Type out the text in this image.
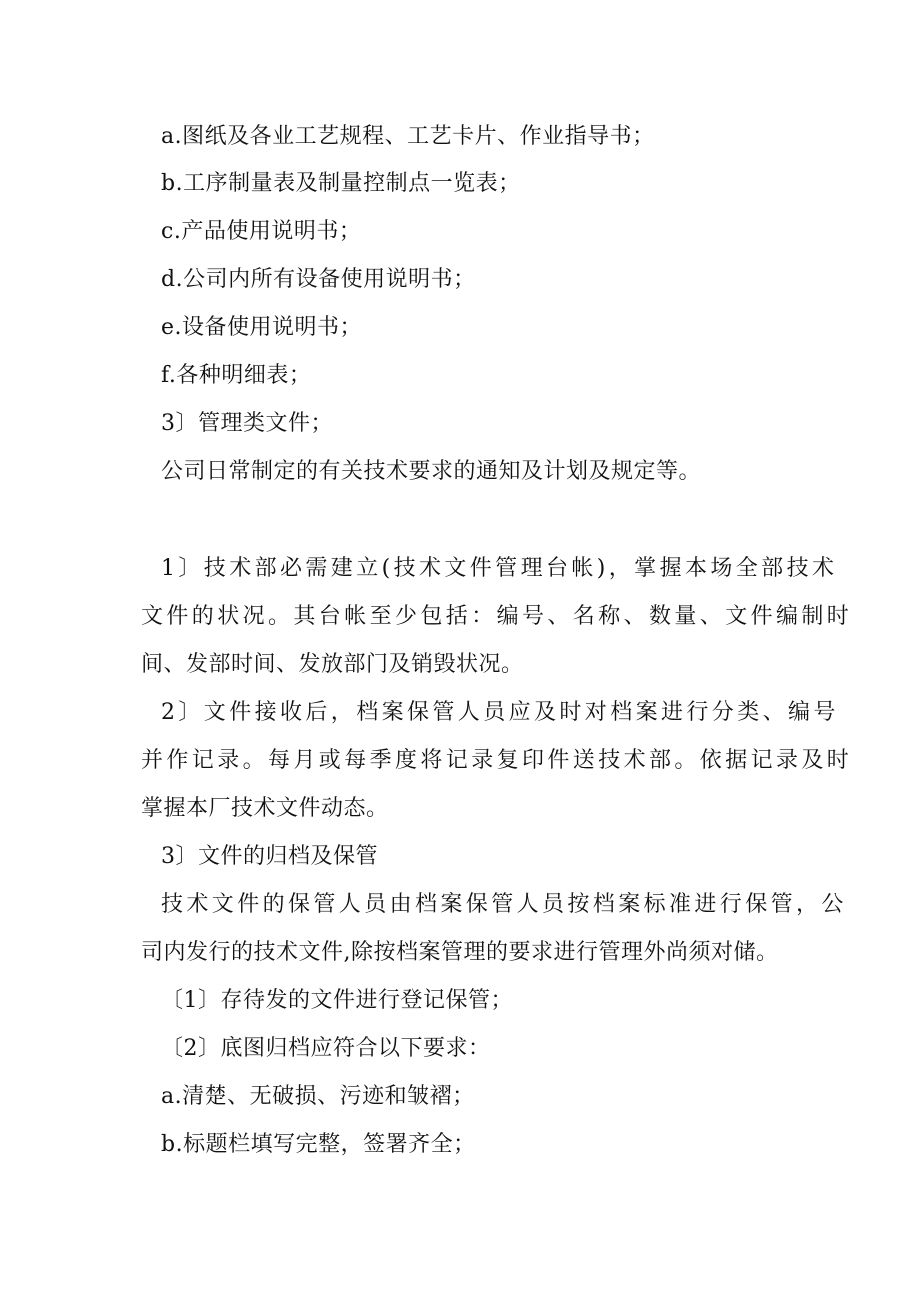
a.图纸及各业工艺规程、工艺卡片、作业指导书；
b.工序制量表及制量控制点一览表；
c.产品使用说明书；
d.公司内所有设备使用说明书；
e.设备使用说明书；
f.各种明细表；
3〕管理类文件；
公司日常制定的有关技术要求的通知及计划及规定等。
1〕技术部必需建立(技术文件管理台帐)，掌握本场全部技术
文件的状况。其台帐至少包括：编号、名称、数量、文件编制时
间、发部时间、发放部门及销毁状况。
2〕文件接收后，档案保管人员应及时对档案进行分类、编号
并作记录。每月或每季度将记录复印件送技术部。依据记录及时
掌握本厂技术文件动态。
3〕文件的归档及保管
技术文件的保管人员由档案保管人员按档案标准进行保管，公
司内发行的技术文件,除按档案管理的要求进行管理外尚须对储。
〔1〕存待发的文件进行登记保管；
〔2〕底图归档应符合以下要求：
a.清楚、无破损、污迹和皱褶；
b.标题栏填写完整，签署齐全；
